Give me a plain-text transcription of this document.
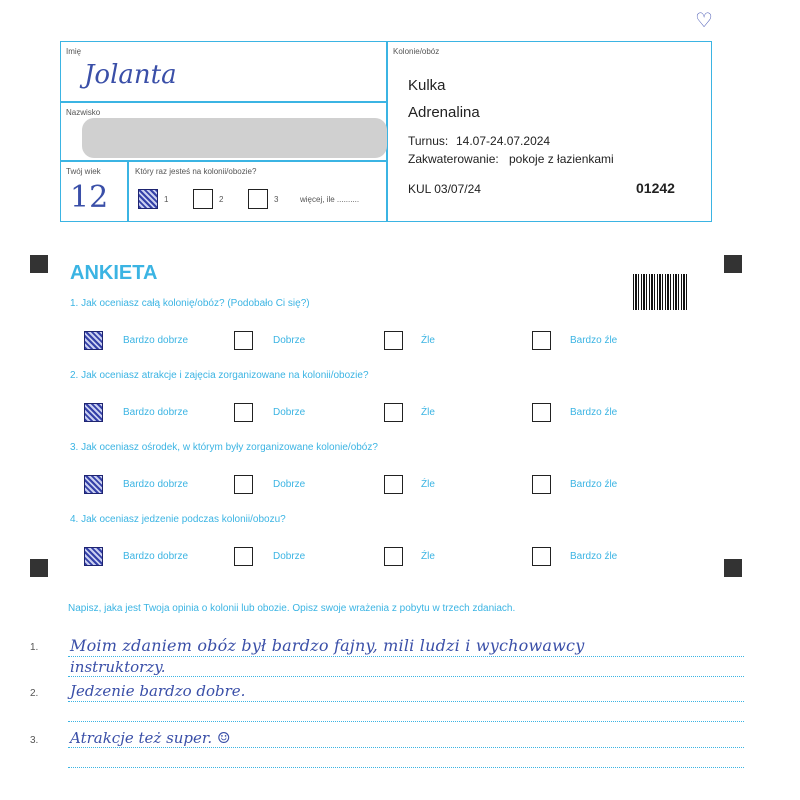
♡
Imię
Jolanta
Nazwisko
Twój wiek
12
Który raz jesteś na kolonii/obozie?
1	2	3	więcej, ile ..........
Kolonie/obóz
Kulka
Adrenalina
Turnus: 14.07-24.07.2024
Zakwaterowanie: pokoje z łazienkami
KUL 03/07/24	01242
ANKIETA
1. Jak oceniasz całą kolonię/obóz? (Podobało Ci się?)
Bardzo dobrze	Dobrze	Źle	Bardzo źle
2. Jak oceniasz atrakcje i zajęcia zorganizowane na kolonii/obozie?
Bardzo dobrze	Dobrze	Źle	Bardzo źle
3. Jak oceniasz ośrodek, w którym były zorganizowane kolonie/obóz?
Bardzo dobrze	Dobrze	Źle	Bardzo źle
4. Jak oceniasz jedzenie podczas kolonii/obozu?
Bardzo dobrze	Dobrze	Źle	Bardzo źle
Napisz, jaka jest Twoja opinia o kolonii lub obozie. Opisz swoje wrażenia z pobytu w trzech zdaniach.
1.
2.
3.
Moim zdaniem obóz był bardzo fajny, mili ludzi i wychowawcy
instruktorzy.
Jedzenie bardzo dobre.
Atrakcje też super. ☺
